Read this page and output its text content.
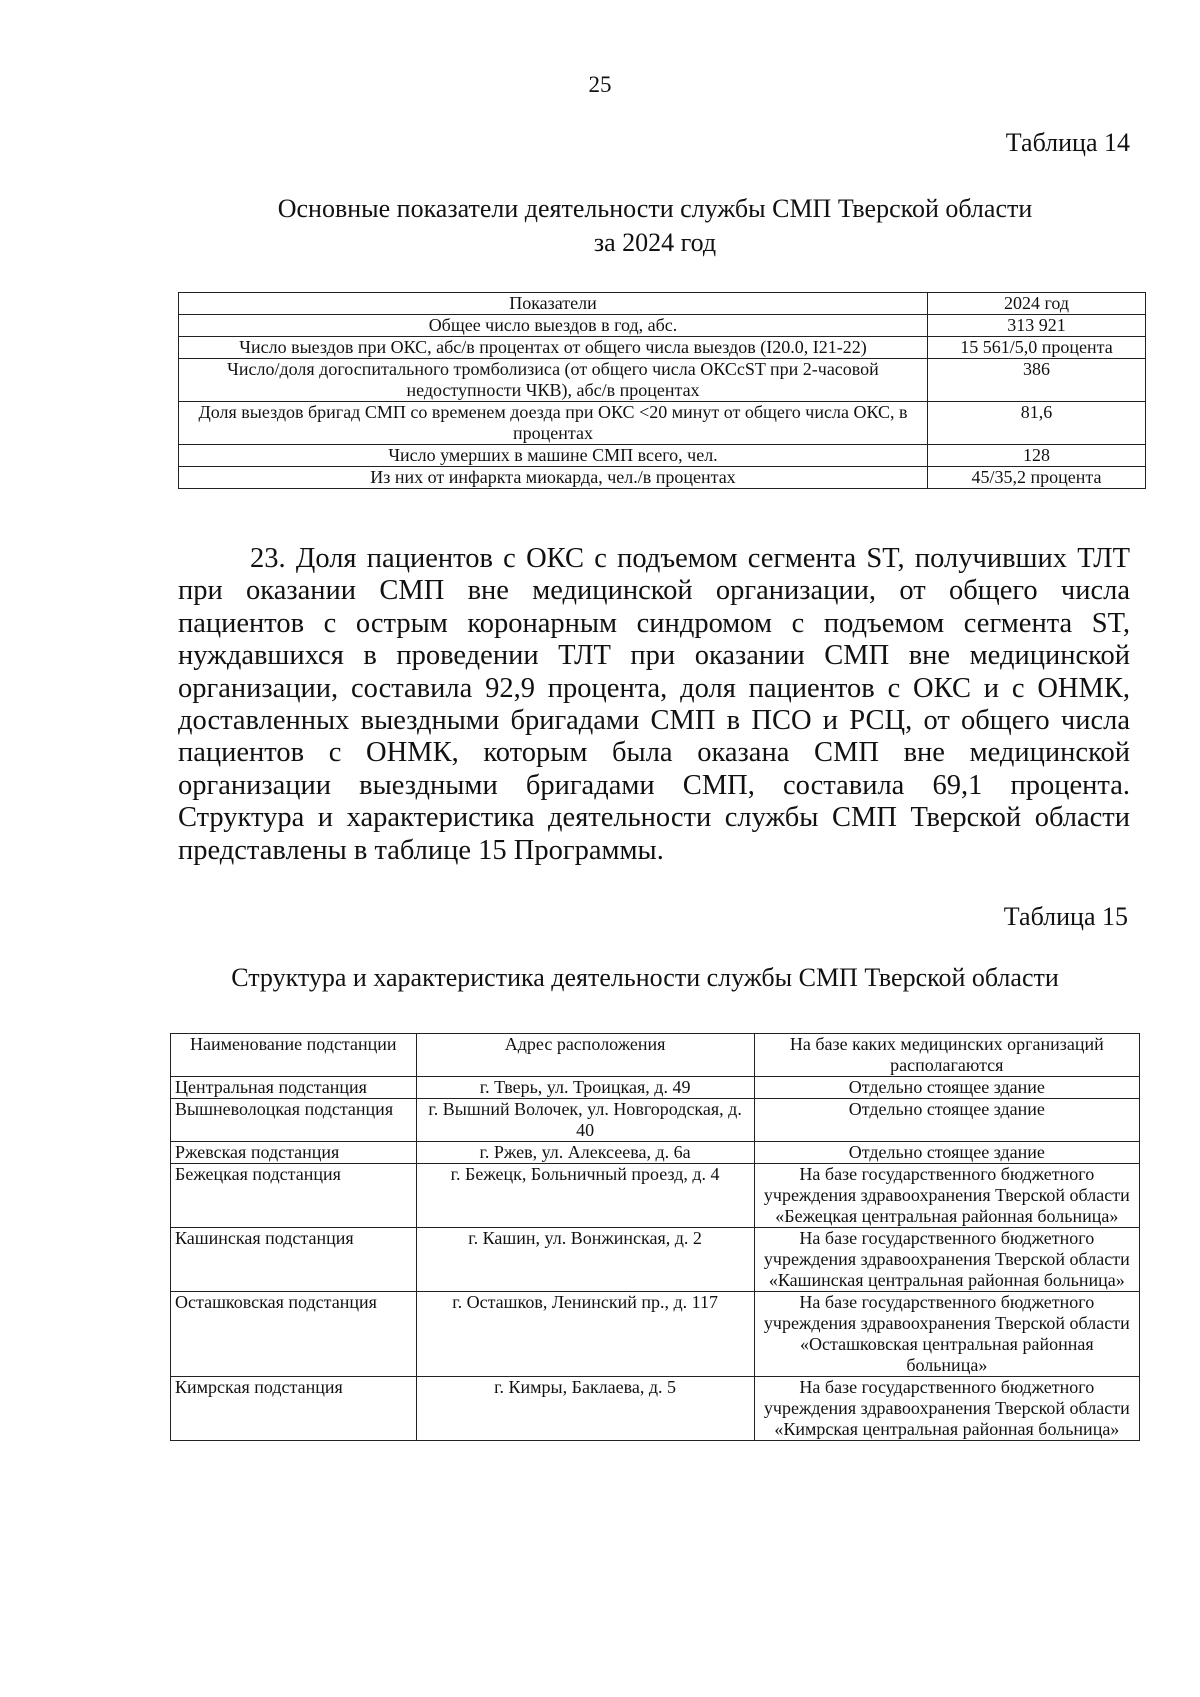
25
Таблица 14
Основные показатели деятельности службы СМП Тверской области
за 2024 год
Показатели	2024 год
Общее число выездов в год, абс.	313 921
Число выездов при ОКС, абс/в процентах от общего числа выездов (I20.0, I21-22)	15 561/5,0 процента
Число/доля догоспитального тромболизиса (от общего числа ОКСcST при 2-часовой недоступности ЧКВ), абс/в процентах	386
Доля выездов бригад СМП со временем доезда при ОКС <20 минут от общего числа ОКС, в процентах	81,6
Число умерших в машине СМП всего, чел.	128
Из них от инфаркта миокарда, чел./в процентах	45/35,2 процента
23. Доля пациентов с ОКС с подъемом сегмента ST, получивших ТЛТ при оказании СМП вне медицинской организации, от общего числа пациентов с острым коронарным синдромом с подъемом сегмента ST, нуждавшихся в проведении ТЛТ при оказании СМП вне медицинской организации, составила 92,9 процента, доля пациентов с ОКС и с ОНМК, доставленных выездными бригадами СМП в ПСО и РСЦ, от общего числа пациентов с ОНМК, которым была оказана СМП вне медицинской организации выездными бригадами СМП, составила 69,1 процента. Структура и характеристика деятельности службы СМП Тверской области представлены в таблице 15 Программы.
Таблица 15
Структура и характеристика деятельности службы СМП Тверской области
Наименование подстанции	Адрес расположения	На базе каких медицинских организаций располагаются
Центральная подстанция	г. Тверь, ул. Троицкая, д. 49	Отдельно стоящее здание
Вышневолоцкая подстанция	г. Вышний Волочек, ул. Новгородская, д. 40	Отдельно стоящее здание
Ржевская подстанция	г. Ржев, ул. Алексеева, д. 6а	Отдельно стоящее здание
Бежецкая подстанция	г. Бежецк, Больничный проезд, д. 4	На базе государственного бюджетного учреждения здравоохранения Тверской области «Бежецкая центральная районная больница»
Кашинская подстанция	г. Кашин, ул. Вонжинская, д. 2	На базе государственного бюджетного учреждения здравоохранения Тверской области «Кашинская центральная районная больница»
Осташковская подстанция	г. Осташков, Ленинский пр., д. 117	На базе государственного бюджетного учреждения здравоохранения Тверской области «Осташковская центральная районная больница»
Кимрская подстанция	г. Кимры, Баклаева, д. 5	На базе государственного бюджетного учреждения здравоохранения Тверской области «Кимрская центральная районная больница»
